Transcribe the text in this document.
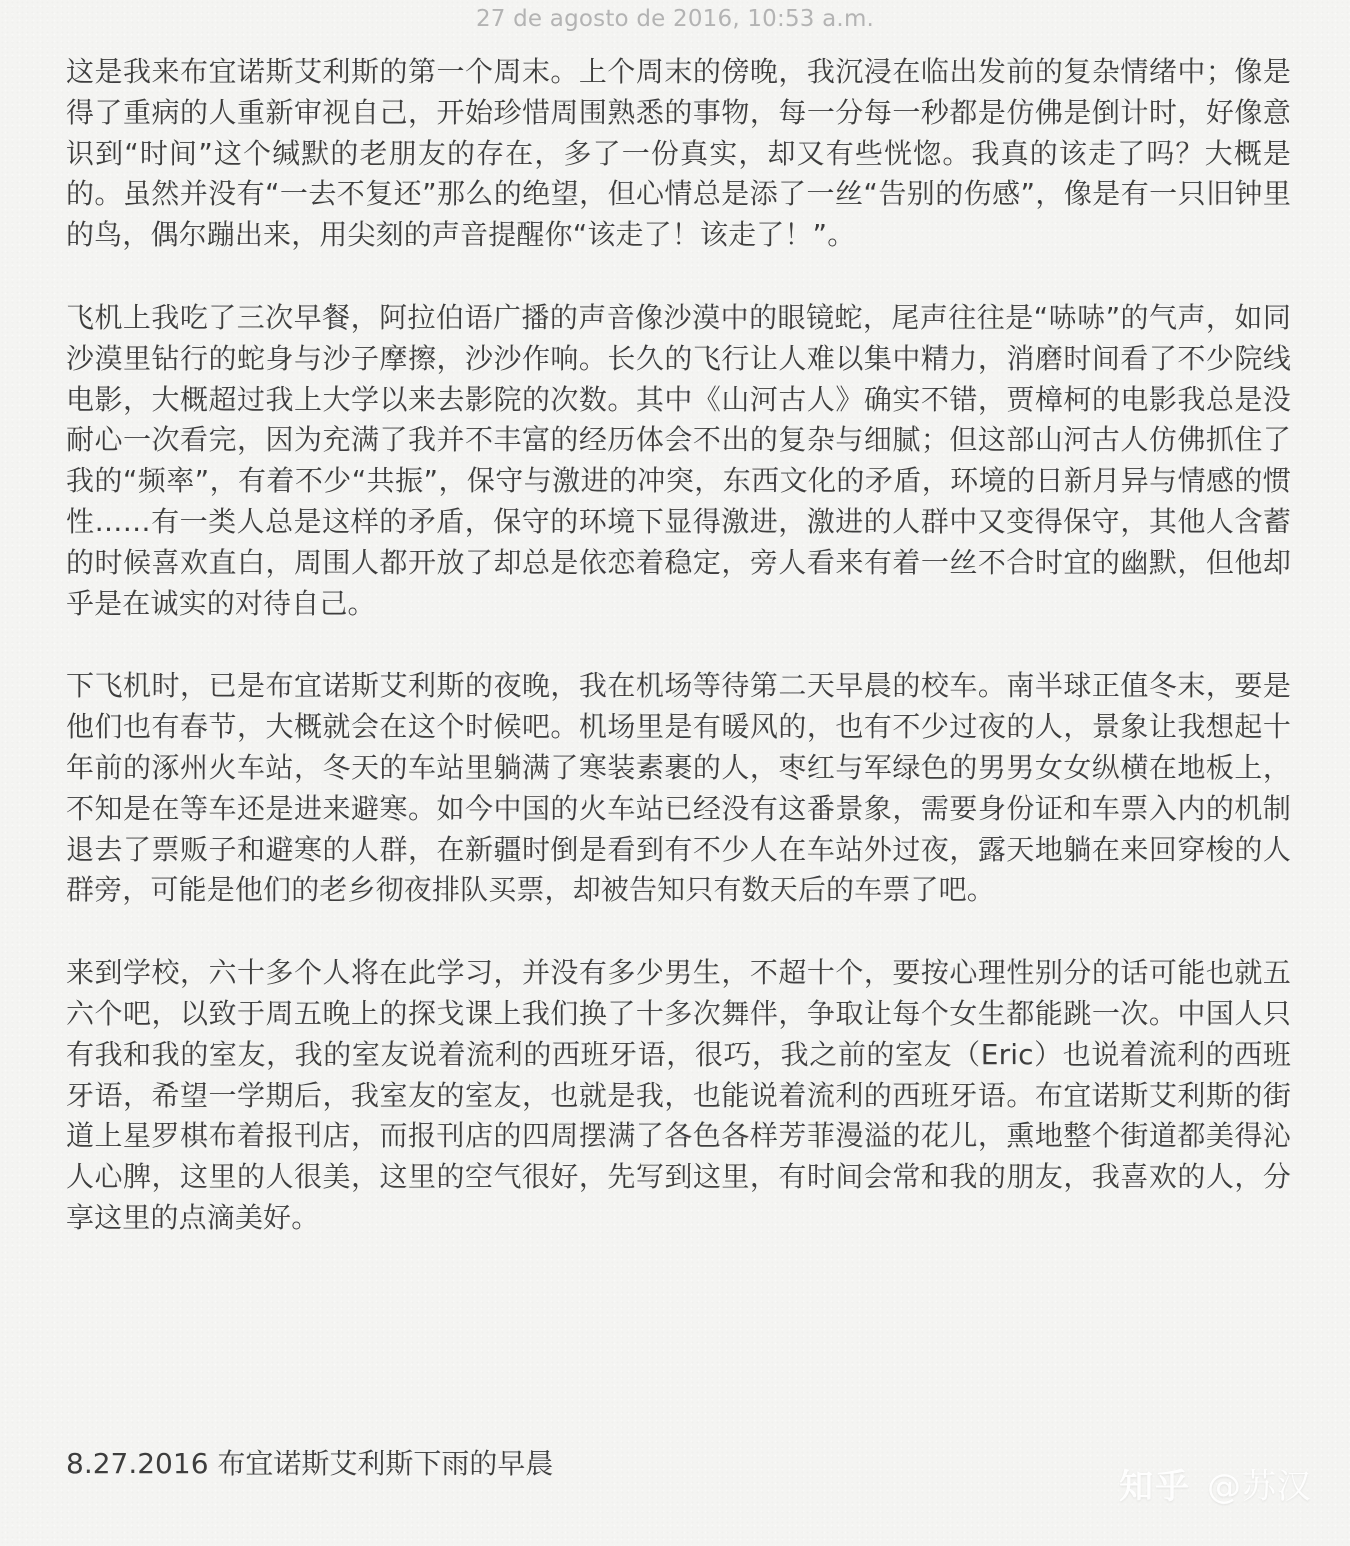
27 de agosto de 2016, 10:53 a.m.

这是我来布宜诺斯艾利斯的第一个周末。上个周末的傍晚，我沉浸在临出发前的复杂情绪中；像是得了重病的人重新审视自己，开始珍惜周围熟悉的事物，每一分每一秒都是仿佛是倒计时，好像意识到“时间”这个缄默的老朋友的存在，多了一份真实，却又有些恍惚。我真的该走了吗？大概是的。虽然并没有“一去不复还”那么的绝望，但心情总是添了一丝“告别的伤感”，像是有一只旧钟里的鸟，偶尔蹦出来，用尖刻的声音提醒你“该走了！该走了！”。

飞机上我吃了三次早餐，阿拉伯语广播的声音像沙漠中的眼镜蛇，尾声往往是“哧哧”的气声，如同沙漠里钻行的蛇身与沙子摩擦，沙沙作响。长久的飞行让人难以集中精力，消磨时间看了不少院线电影，大概超过我上大学以来去影院的次数。其中《山河古人》确实不错，贾樟柯的电影我总是没耐心一次看完，因为充满了我并不丰富的经历体会不出的复杂与细腻；但这部山河古人仿佛抓住了我的“频率”，有着不少“共振”，保守与激进的冲突，东西文化的矛盾，环境的日新月异与情感的惯性……有一类人总是这样的矛盾，保守的环境下显得激进，激进的人群中又变得保守，其他人含蓄的时候喜欢直白，周围人都开放了却总是依恋着稳定，旁人看来有着一丝不合时宜的幽默，但他却乎是在诚实的对待自己。

下飞机时，已是布宜诺斯艾利斯的夜晚，我在机场等待第二天早晨的校车。南半球正值冬末，要是他们也有春节，大概就会在这个时候吧。机场里是有暖风的，也有不少过夜的人，景象让我想起十年前的涿州火车站，冬天的车站里躺满了寒装素裹的人，枣红与军绿色的男男女女纵横在地板上，不知是在等车还是进来避寒。如今中国的火车站已经没有这番景象，需要身份证和车票入内的机制退去了票贩子和避寒的人群，在新疆时倒是看到有不少人在车站外过夜，露天地躺在来回穿梭的人群旁，可能是他们的老乡彻夜排队买票，却被告知只有数天后的车票了吧。

来到学校，六十多个人将在此学习，并没有多少男生，不超十个，要按心理性别分的话可能也就五六个吧，以致于周五晚上的探戈课上我们换了十多次舞伴，争取让每个女生都能跳一次。中国人只有我和我的室友，我的室友说着流利的西班牙语，很巧，我之前的室友（Eric）也说着流利的西班牙语，希望一学期后，我室友的室友，也就是我，也能说着流利的西班牙语。布宜诺斯艾利斯的街道上星罗棋布着报刊店，而报刊店的四周摆满了各色各样芳菲漫溢的花儿，熏地整个街道都美得沁人心脾，这里的人很美，这里的空气很好，先写到这里，有时间会常和我的朋友，我喜欢的人，分享这里的点滴美好。

8.27.2016 布宜诺斯艾利斯下雨的早晨
知乎 @苏汉
